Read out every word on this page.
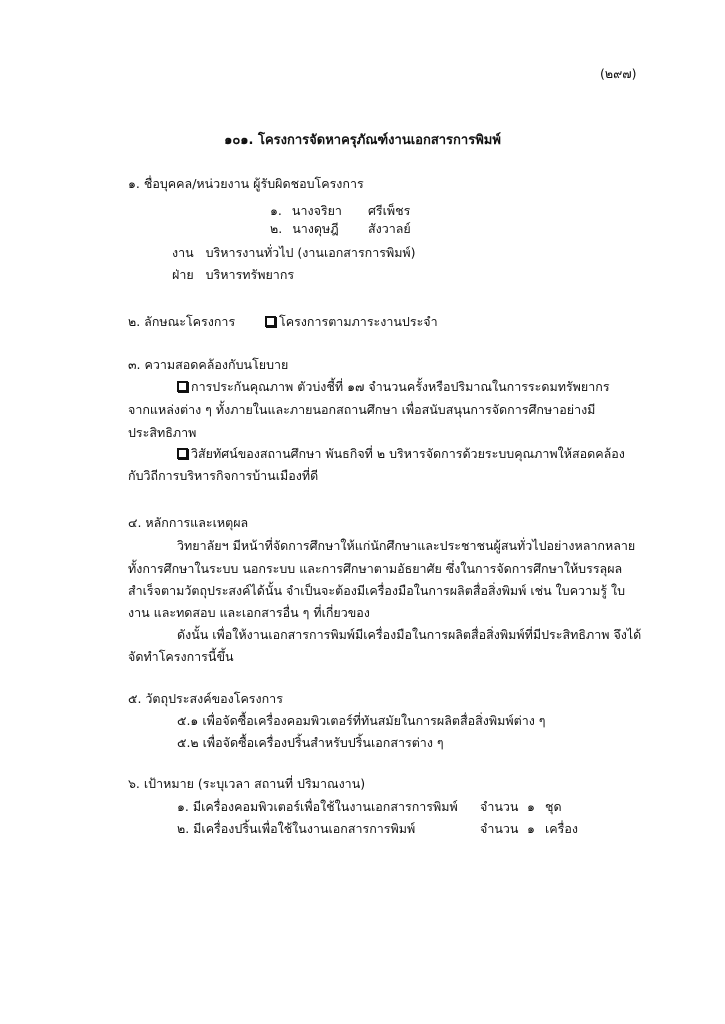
(๒๙๗)
๑๐๑. โครงการจัดหาครุภัณฑ์งานเอกสารการพิมพ์
๑. ชื่อบุคคล/หน่วยงาน ผู้รับผิดชอบโครงการ
๑. นางจริยา ศรีเพ็ชร
๒. นางดุษฎี สังวาลย์
งาน บริหารงานทั่วไป (งานเอกสารการพิมพ์)
ฝ่าย บริหารทรัพยากร
๒. ลักษณะโครงการ	โครงการตามภาระงานประจำ
๓. ความสอดคล้องกับนโยบาย
การประกันคุณภาพ ตัวบ่งชี้ที่ ๑๗ จำนวนครั้งหรือปริมาณในการระดมทรัพยากร
จากแหล่งต่าง ๆ ทั้งภายในและภายนอกสถานศึกษา เพื่อสนับสนุนการจัดการศึกษาอย่างมี
ประสิทธิภาพ
วิสัยทัศน์ของสถานศึกษา พันธกิจที่ ๒ บริหารจัดการด้วยระบบคุณภาพให้สอดคล้อง
กับวิถีการบริหารกิจการบ้านเมืองที่ดี
๔. หลักการและเหตุผล
วิทยาลัยฯ มีหน้าที่จัดการศึกษาให้แก่นักศึกษาและประชาชนผู้สนทั่วไปอย่างหลากหลาย
ทั้งการศึกษาในระบบ นอกระบบ และการศึกษาตามอัธยาศัย ซึ่งในการจัดการศึกษาให้บรรลุผล
สำเร็จตามวัตถุประสงค์ได้นั้น จำเป็นจะต้องมีเครื่องมือในการผลิตสื่อสิ่งพิมพ์ เช่น ใบความรู้ ใบ
งาน และทดสอบ และเอกสารอื่น ๆ ที่เกี่ยวของ
ดังนั้น เพื่อให้งานเอกสารการพิมพ์มีเครื่องมือในการผลิตสื่อสิ่งพิมพ์ที่มีประสิทธิภาพ จึงได้
จัดทำโครงการนี้ขึ้น
๕. วัตถุประสงค์ของโครงการ
๕.๑ เพื่อจัดซื้อเครื่องคอมพิวเตอร์ที่ทันสมัยในการผลิตสื่อสิ่งพิมพ์ต่าง ๆ
๕.๒ เพื่อจัดซื้อเครื่องปริ้นสำหรับปริ้นเอกสารต่าง ๆ
๖. เป้าหมาย (ระบุเวลา สถานที่ ปริมาณงาน)
๑. มีเครื่องคอมพิวเตอร์เพื่อใช้ในงานเอกสารการพิมพ์ จำนวน ๑ ชุด
๒. มีเครื่องปริ้นเพื่อใช้ในงานเอกสารการพิมพ์	จำนวน ๑ เครื่อง
